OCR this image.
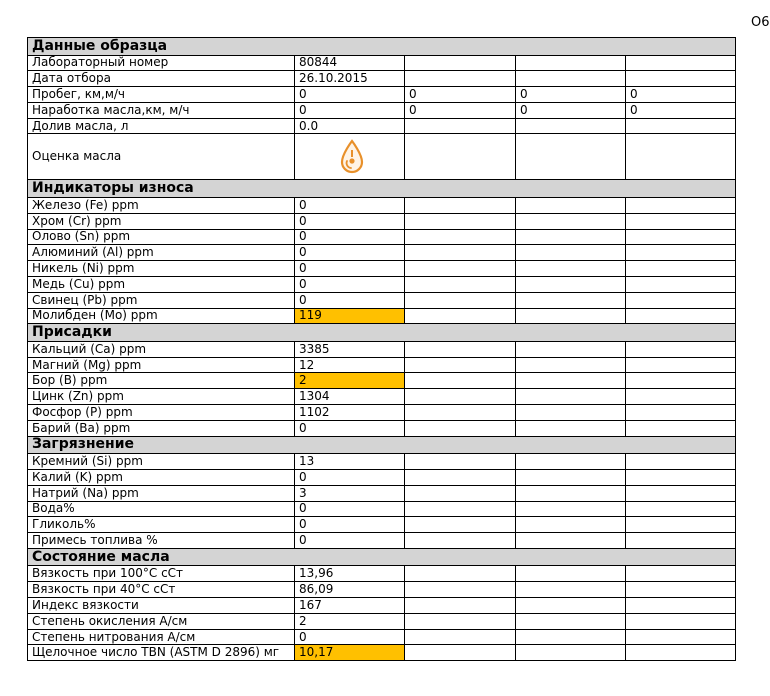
О6
Данные образца				
Лабораторный номер	80844			
Дата отбора	26.10.2015			
Пробег, км,м/ч	0	0	0	0
Наработка масла,км, м/ч	0	0	0	0
Долив масла, л	0.0			
Оценка масла	

Индикаторы износа				
Железо (Fe) ppm	0			
Хром (Cr) ppm	0			
Олово (Sn) ppm	0			
Алюминий (Al) ppm	0			
Никель (Ni) ppm	0			
Медь (Cu) ppm	0			
Свинец (Pb) ppm	0			
Молибден (Mo) ppm	119			
Присадки				
Кальций (Ca) ppm	3385			
Магний (Mg) ppm	12			
Бор (B) ppm	2			
Цинк (Zn) ppm	1304			
Фосфор (P) ppm	1102			
Барий (Ba) ppm	0			
Загрязнение				
Кремний (Si) ppm	13			
Калий (K) ppm	0			
Натрий (Na) ppm	3			
Вода%	0			
Гликоль%	0			
Примесь топлива %	0			
Состояние масла				
Вязкость при 100°C сСт	13,96			
Вязкость при 40°C сСт	86,09			
Индекс вязкости	167			
Степень окисления A/см	2			
Степень нитрования A/см	0			
Щелочное число TBN (ASTM D 2896) мг	10,17			
